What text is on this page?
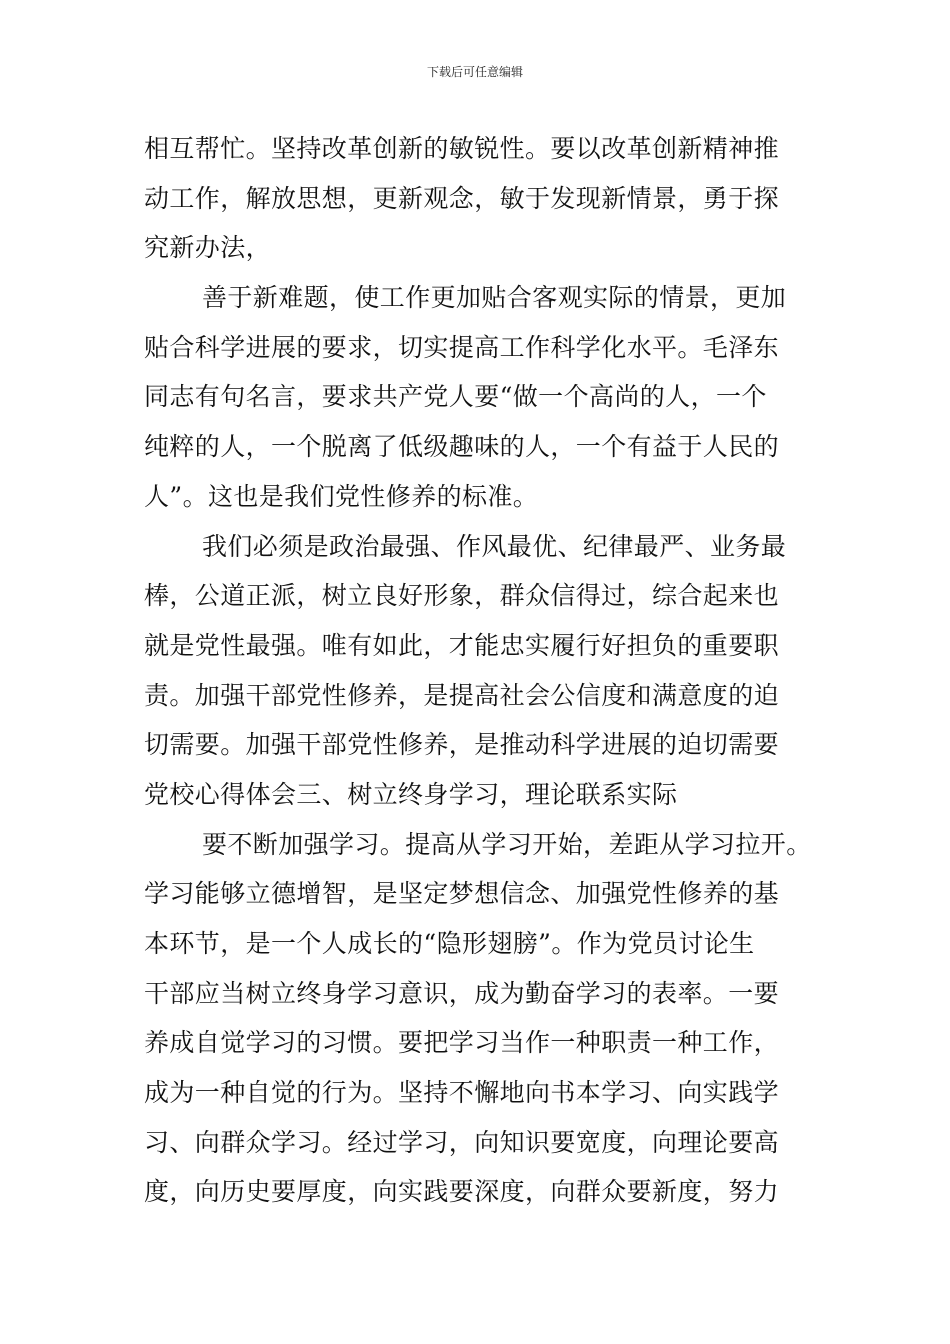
下载后可任意编辑
相互帮忙。坚持改革创新的敏锐性。要以改革创新精神推
动工作，解放思想，更新观念，敏于发现新情景，勇于探
究新办法，
善于新难题，使工作更加贴合客观实际的情景，更加
贴合科学进展的要求，切实提高工作科学化水平。毛泽东
同志有句名言，要求共产党人要“做一个高尚的人，一个
纯粹的人，一个脱离了低级趣味的人，一个有益于人民的
人”。这也是我们党性修养的标准。
我们必须是政治最强、作风最优、纪律最严、业务最
棒，公道正派，树立良好形象，群众信得过，综合起来也
就是党性最强。唯有如此，才能忠实履行好担负的重要职
责。加强干部党性修养，是提高社会公信度和满意度的迫
切需要。加强干部党性修养，是推动科学进展的迫切需要
党校心得体会三、树立终身学习，理论联系实际
要不断加强学习。提高从学习开始，差距从学习拉开。
学习能够立德增智，是坚定梦想信念、加强党性修养的基
本环节，是一个人成长的“隐形翅膀”。作为党员讨论生
干部应当树立终身学习意识，成为勤奋学习的表率。一要
养成自觉学习的习惯。要把学习当作一种职责一种工作，
成为一种自觉的行为。坚持不懈地向书本学习、向实践学
习、向群众学习。经过学习，向知识要宽度，向理论要高
度，向历史要厚度，向实践要深度，向群众要新度，努力
